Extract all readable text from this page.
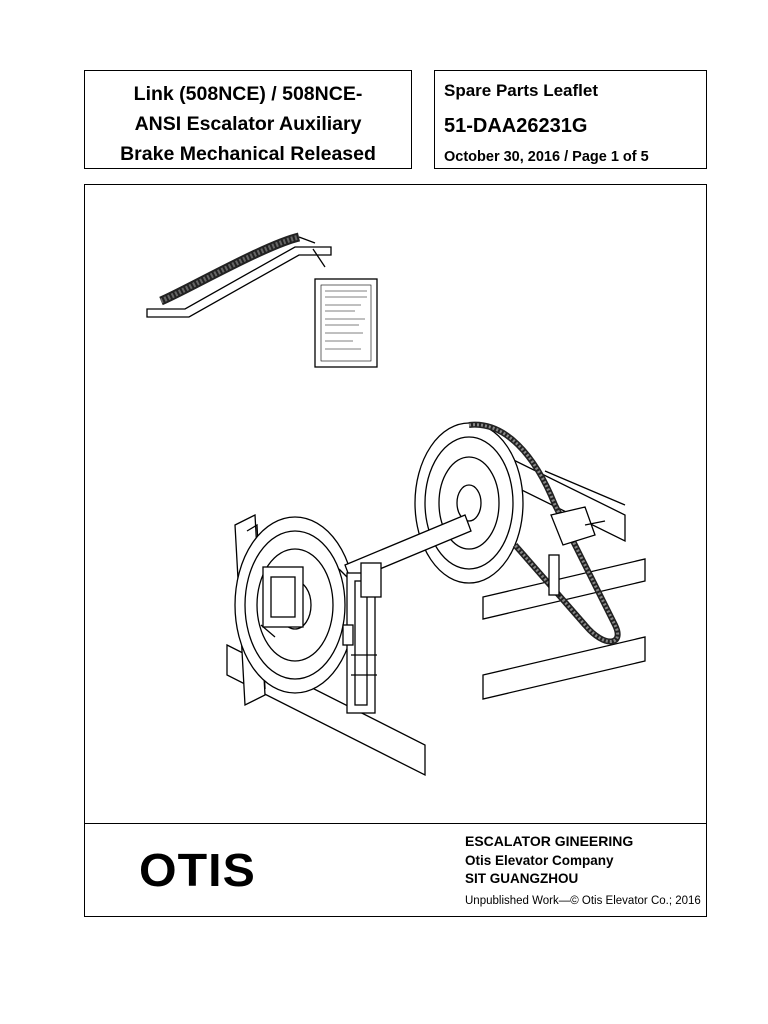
Link (508NCE) / 508NCE-
ANSI Escalator Auxiliary
Brake Mechanical Released

Spare Parts Leaflet
51-DAA26231G
October 30, 2016 / Page 1 of 5
OTIS
ESCALATOR GINEERING
Otis Elevator Company
SIT GUANGZHOU
Unpublished Work—© Otis Elevator Co.; 2016
